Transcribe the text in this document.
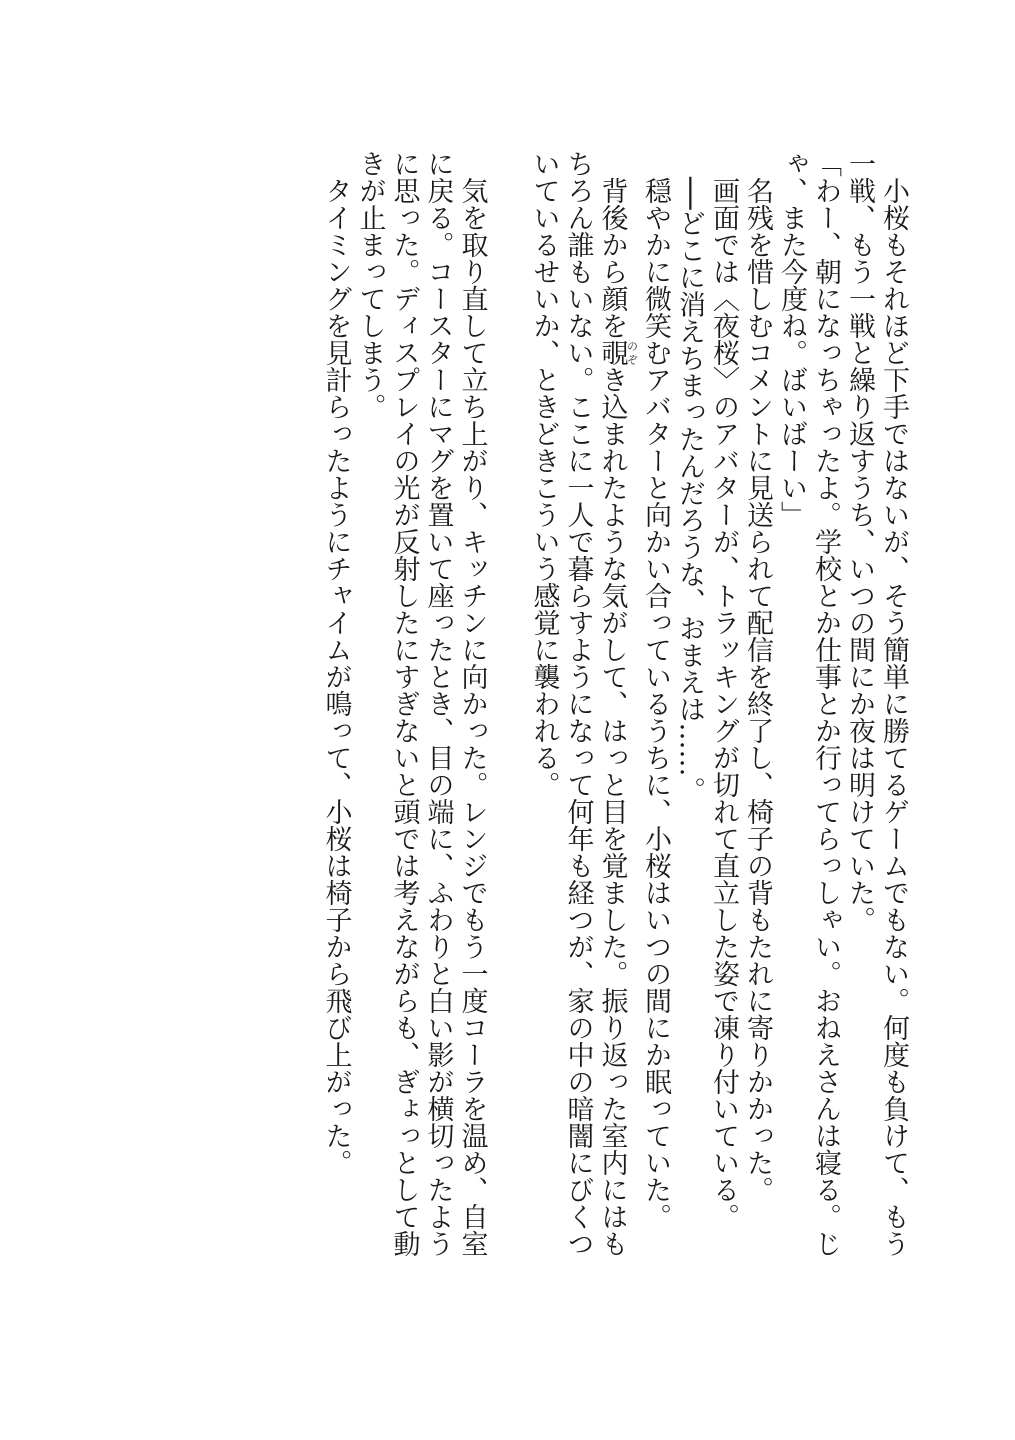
　小桜もそれほど下手ではないが、そう簡単に勝てるゲームでもない。何度も負けて、もう一戦、もう一戦と繰り返すうち、いつの間にか夜は明けていた。

「わー、朝になっちゃったよ。学校とか仕事とか行ってらっしゃい。おねえさんは寝る。じゃ、また今度ね。ばいばーい」

　名残を惜しむコメントに見送られて配信を終了し、椅子の背もたれに寄りかかった。

　画面では〈夜桜〉のアバターが、トラッキングが切れて直立した姿で凍り付いている。

　──どこに消えちまったんだろうな、おまえは……。

　穏やかに微笑むアバターと向かい合っているうちに、小桜はいつの間にか眠っていた。

　背後から顔を覗のぞき込まれたような気がして、はっと目を覚ました。振り返った室内にはもちろん誰もいない。ここに一人で暮らすようになって何年も経つが、家の中の暗闇にびくついているせいか、ときどきこういう感覚に襲われる。

　気を取り直して立ち上がり、キッチンに向かった。レンジでもう一度コーラを温め、自室に戻る。コースターにマグを置いて座ったとき、目の端に、ふわりと白い影が横切ったように思った。ディスプレイの光が反射したにすぎないと頭では考えながらも、ぎょっとして動きが止まってしまう。

　タイミングを見計らったようにチャイムが鳴って、小桜は椅子から飛び上がった。
